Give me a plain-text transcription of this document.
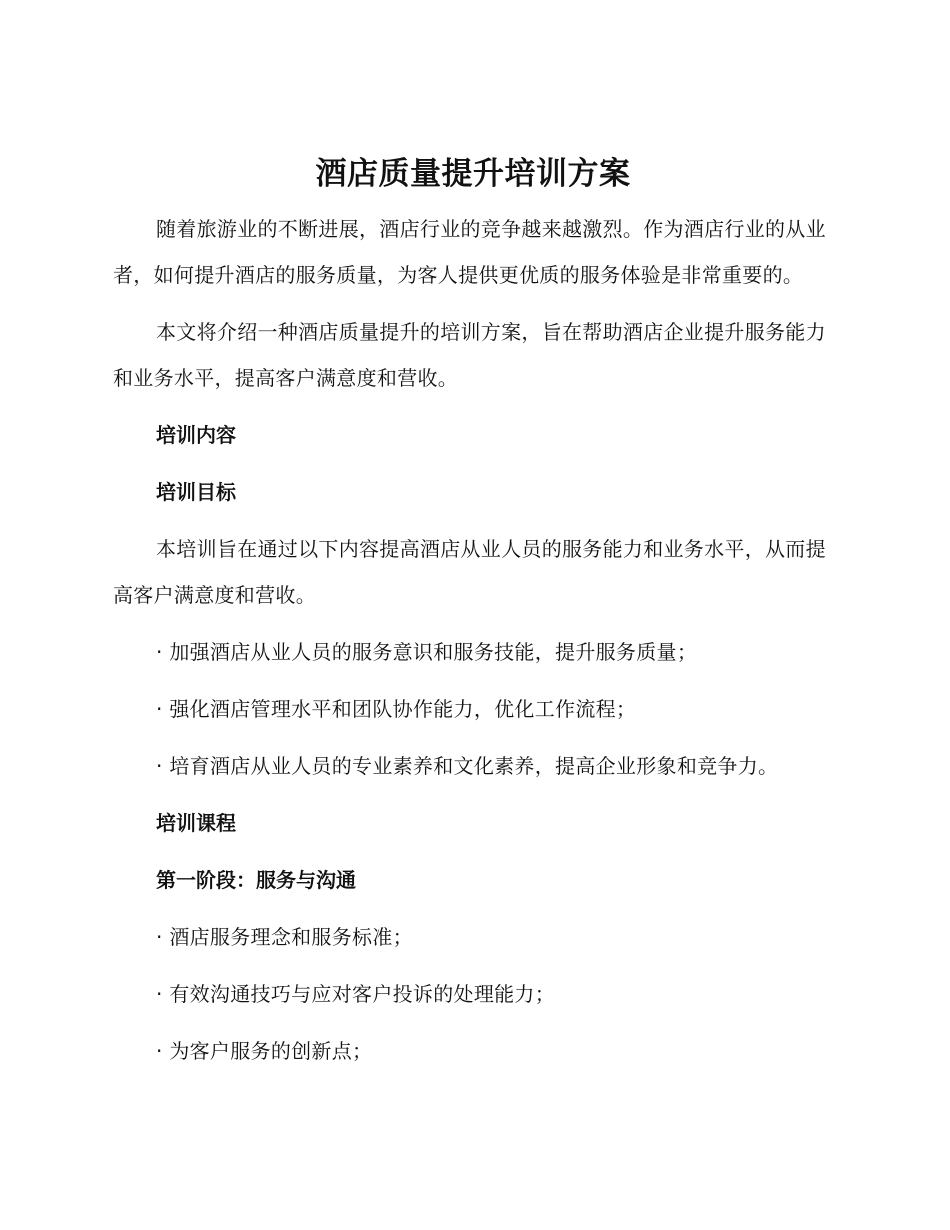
酒店质量提升培训方案

随着旅游业的不断进展，酒店行业的竞争越来越激烈。作为酒店行业的从业者，如何提升酒店的服务质量，为客人提供更优质的服务体验是非常重要的。

本文将介绍一种酒店质量提升的培训方案，旨在帮助酒店企业提升服务能力和业务水平，提高客户满意度和营收。

培训内容

培训目标

本培训旨在通过以下内容提高酒店从业人员的服务能力和业务水平，从而提高客户满意度和营收。

· 加强酒店从业人员的服务意识和服务技能，提升服务质量；

· 强化酒店管理水平和团队协作能力，优化工作流程；

· 培育酒店从业人员的专业素养和文化素养，提高企业形象和竞争力。

培训课程

第一阶段：服务与沟通

· 酒店服务理念和服务标准；

· 有效沟通技巧与应对客户投诉的处理能力；

· 为客户服务的创新点；
